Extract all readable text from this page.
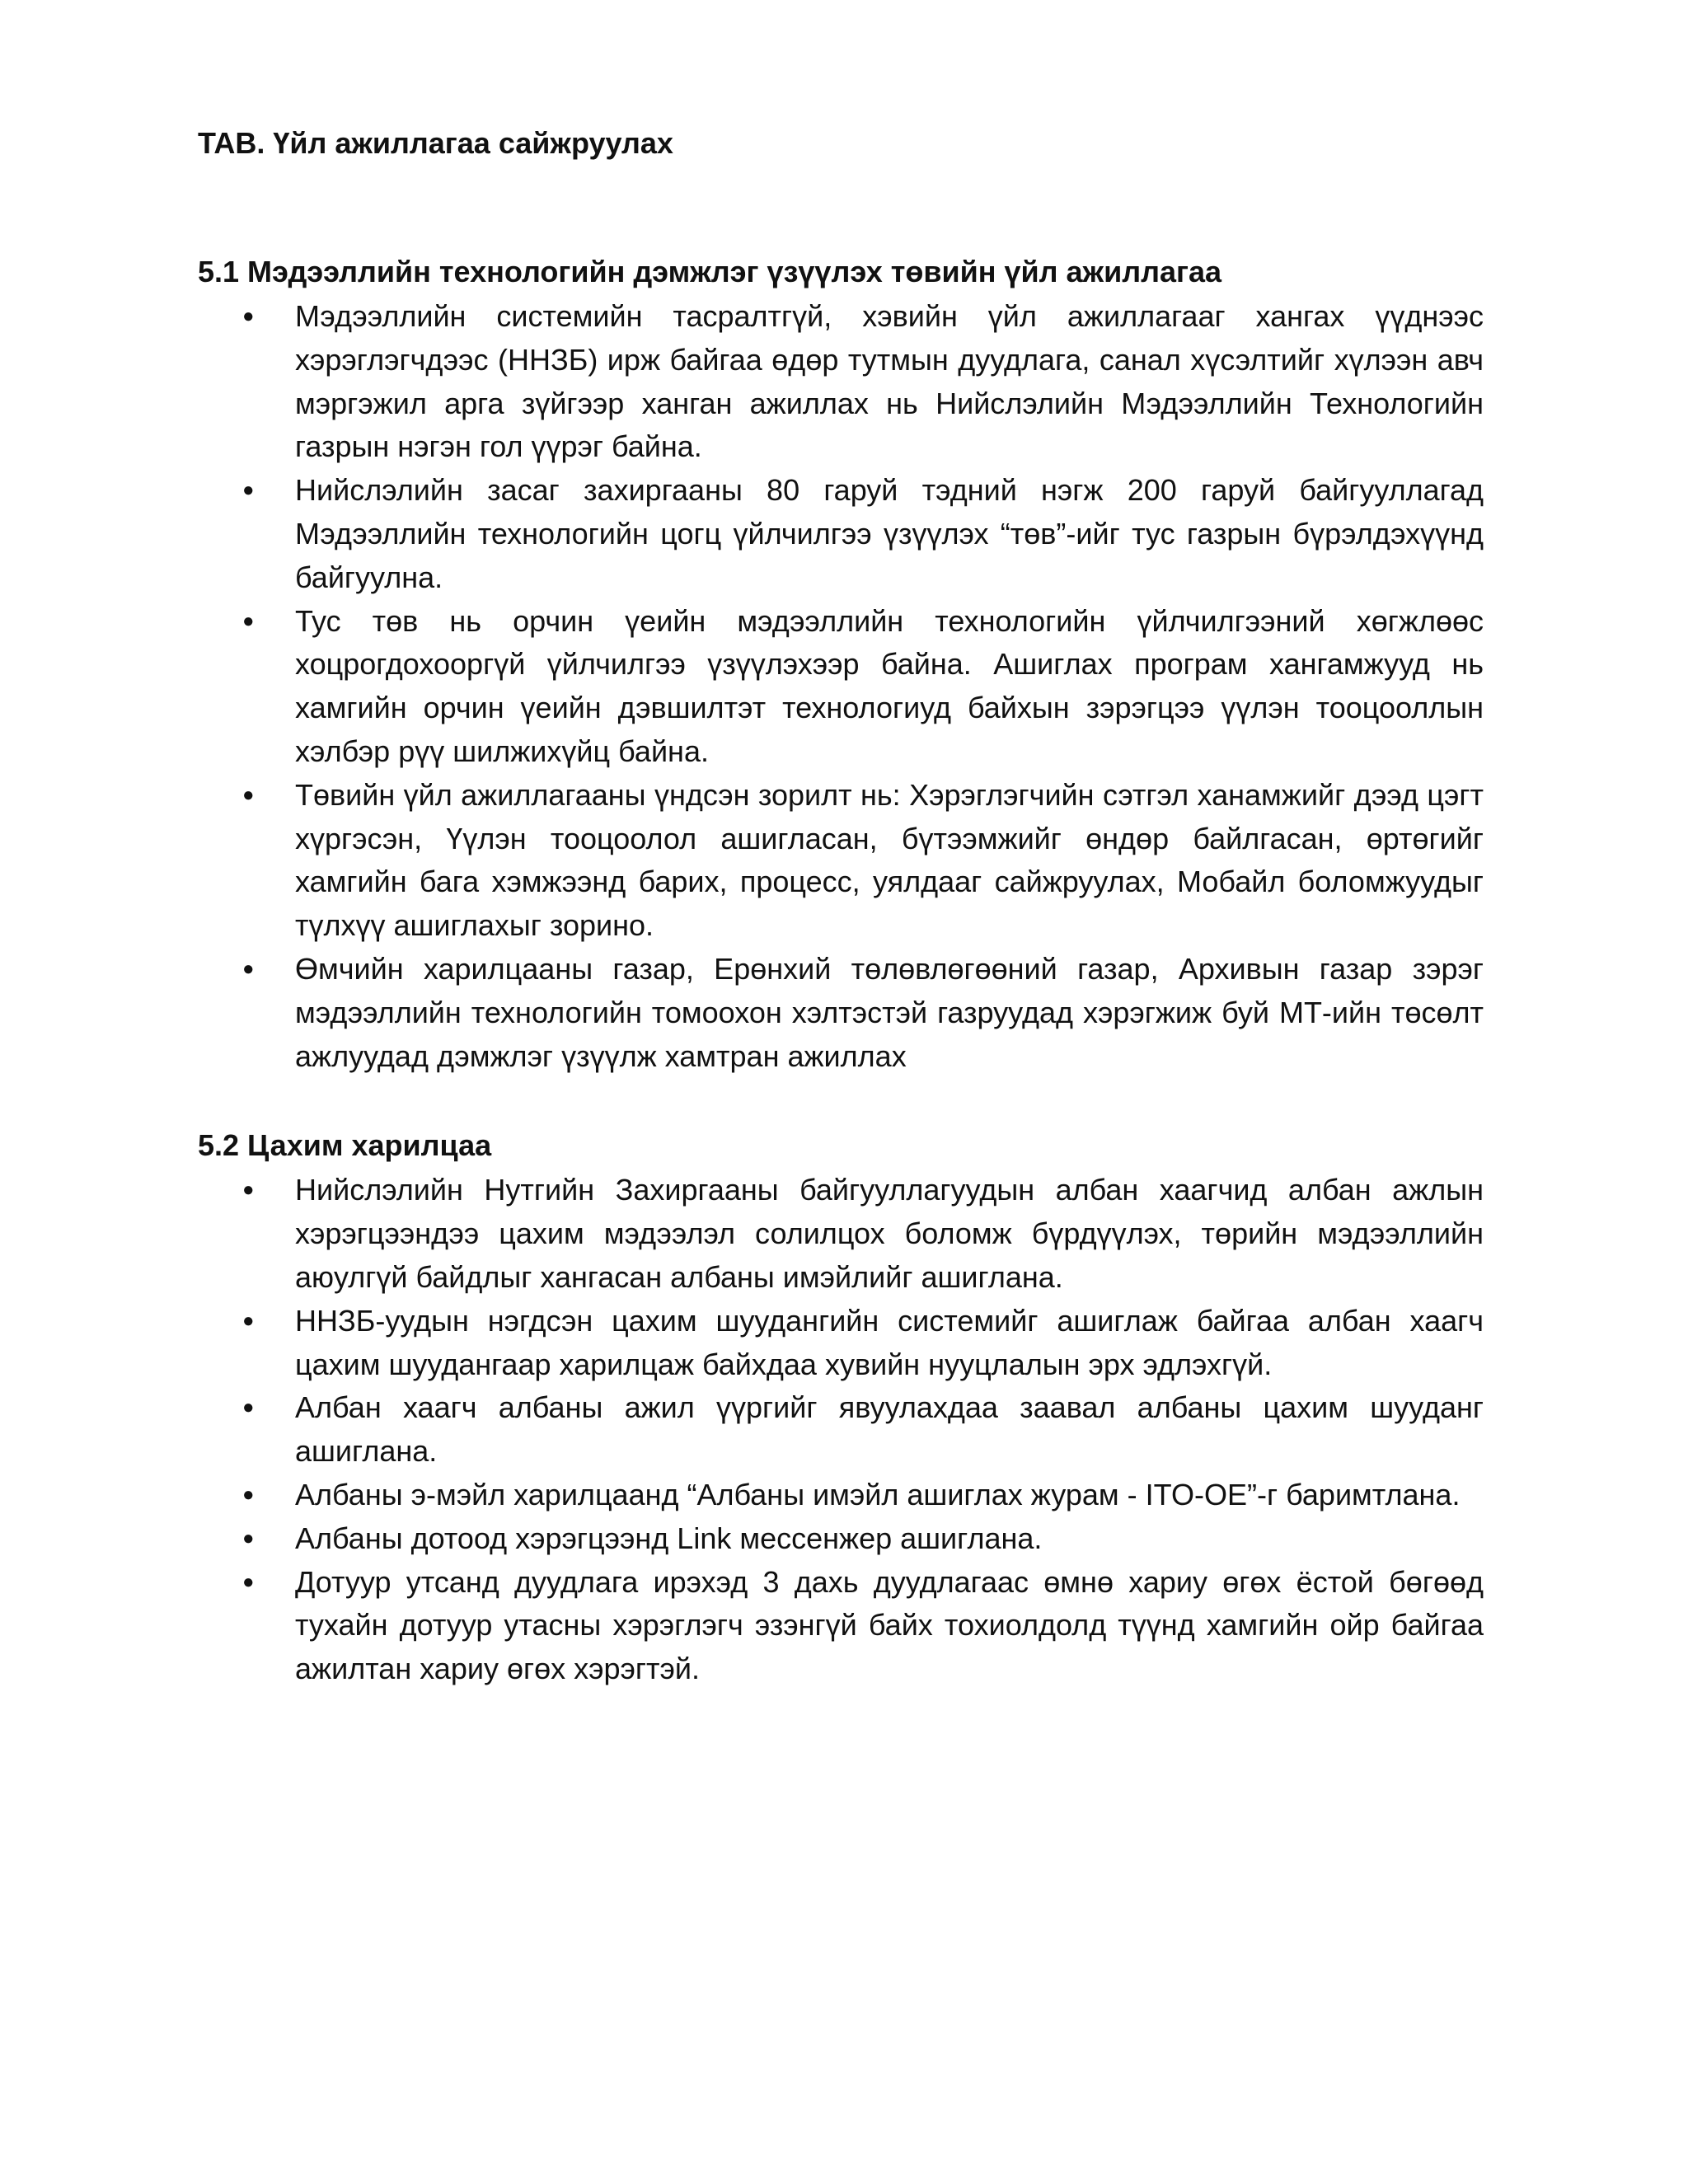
TAB. Үйл ажиллагаа сайжруулах
5.1 Мэдээллийн технологийн дэмжлэг үзүүлэх төвийн үйл ажиллагаа
● Мэдээллийн системийн тасралтгүй, хэвийн үйл ажиллагааг хангах үүднээс хэрэглэгчдээс (ННЗБ) ирж байгаа өдөр тутмын дуудлага, санал хүсэлтийг хүлээн авч мэргэжил арга зүйгээр ханган ажиллах нь Нийслэлийн Мэдээллийн Технологийн газрын нэгэн гол үүрэг байна.
● Нийслэлийн засаг захиргааны 80 гаруй тэдний нэгж 200 гаруй байгууллагад Мэдээллийн технологийн цогц үйлчилгээ үзүүлэх “төв”-ийг тус газрын бүрэлдэхүүнд байгуулна.
● Тус төв нь орчин үеийн мэдээллийн технологийн үйлчилгээний хөгжлөөс хоцрогдохооргүй үйлчилгээ үзүүлэхээр байна. Ашиглах програм хангамжууд нь хамгийн орчин үеийн дэвшилтэт технологиуд байхын зэрэгцээ үүлэн тооцооллын хэлбэр рүү шилжихүйц байна.
● Төвийн үйл ажиллагааны үндсэн зорилт нь: Хэрэглэгчийн сэтгэл ханамжийг дээд цэгт хүргэсэн, Үүлэн тооцоолол ашигласан, бүтээмжийг өндөр байлгасан, өртөгийг хамгийн бага хэмжээнд барих, процесс, уялдааг сайжруулах, Мобайл боломжуудыг түлхүү ашиглахыг зорино.
● Өмчийн харилцааны газар, Ерөнхий төлөвлөгөөний газар, Архивын газар зэрэг мэдээллийн технологийн томоохон хэлтэстэй газруудад хэрэгжиж буй МТ-ийн төсөлт ажлуудад дэмжлэг үзүүлж хамтран ажиллах
5.2 Цахим харилцаа
● Нийслэлийн Нутгийн Захиргааны байгууллагуудын албан хаагчид албан ажлын хэрэгцээндээ цахим мэдээлэл солилцох боломж бүрдүүлэх, төрийн мэдээллийн аюулгүй байдлыг хангасан албаны имэйлийг ашиглана.
● ННЗБ-уудын нэгдсэн цахим шуудангийн системийг ашиглаж байгаа албан хаагч цахим шуудангаар харилцаж байхдаа хувийн нууцлалын эрх эдлэхгүй.
● Албан хаагч албаны ажил үүргийг явуулахдаа заавал албаны цахим шууданг ашиглана.
● Албаны э-мэйл харилцаанд “Албаны имэйл ашиглах журам - ITO-OE”-г баримтлана.
● Албаны дотоод хэрэгцээнд Link мессенжер ашиглана.
● Дотуур утсанд дуудлага ирэхэд 3 дахь дуудлагаас өмнө хариу өгөх ёстой бөгөөд тухайн дотуур утасны хэрэглэгч эзэнгүй байх тохиолдолд түүнд хамгийн ойр байгаа ажилтан хариу өгөх хэрэгтэй.
